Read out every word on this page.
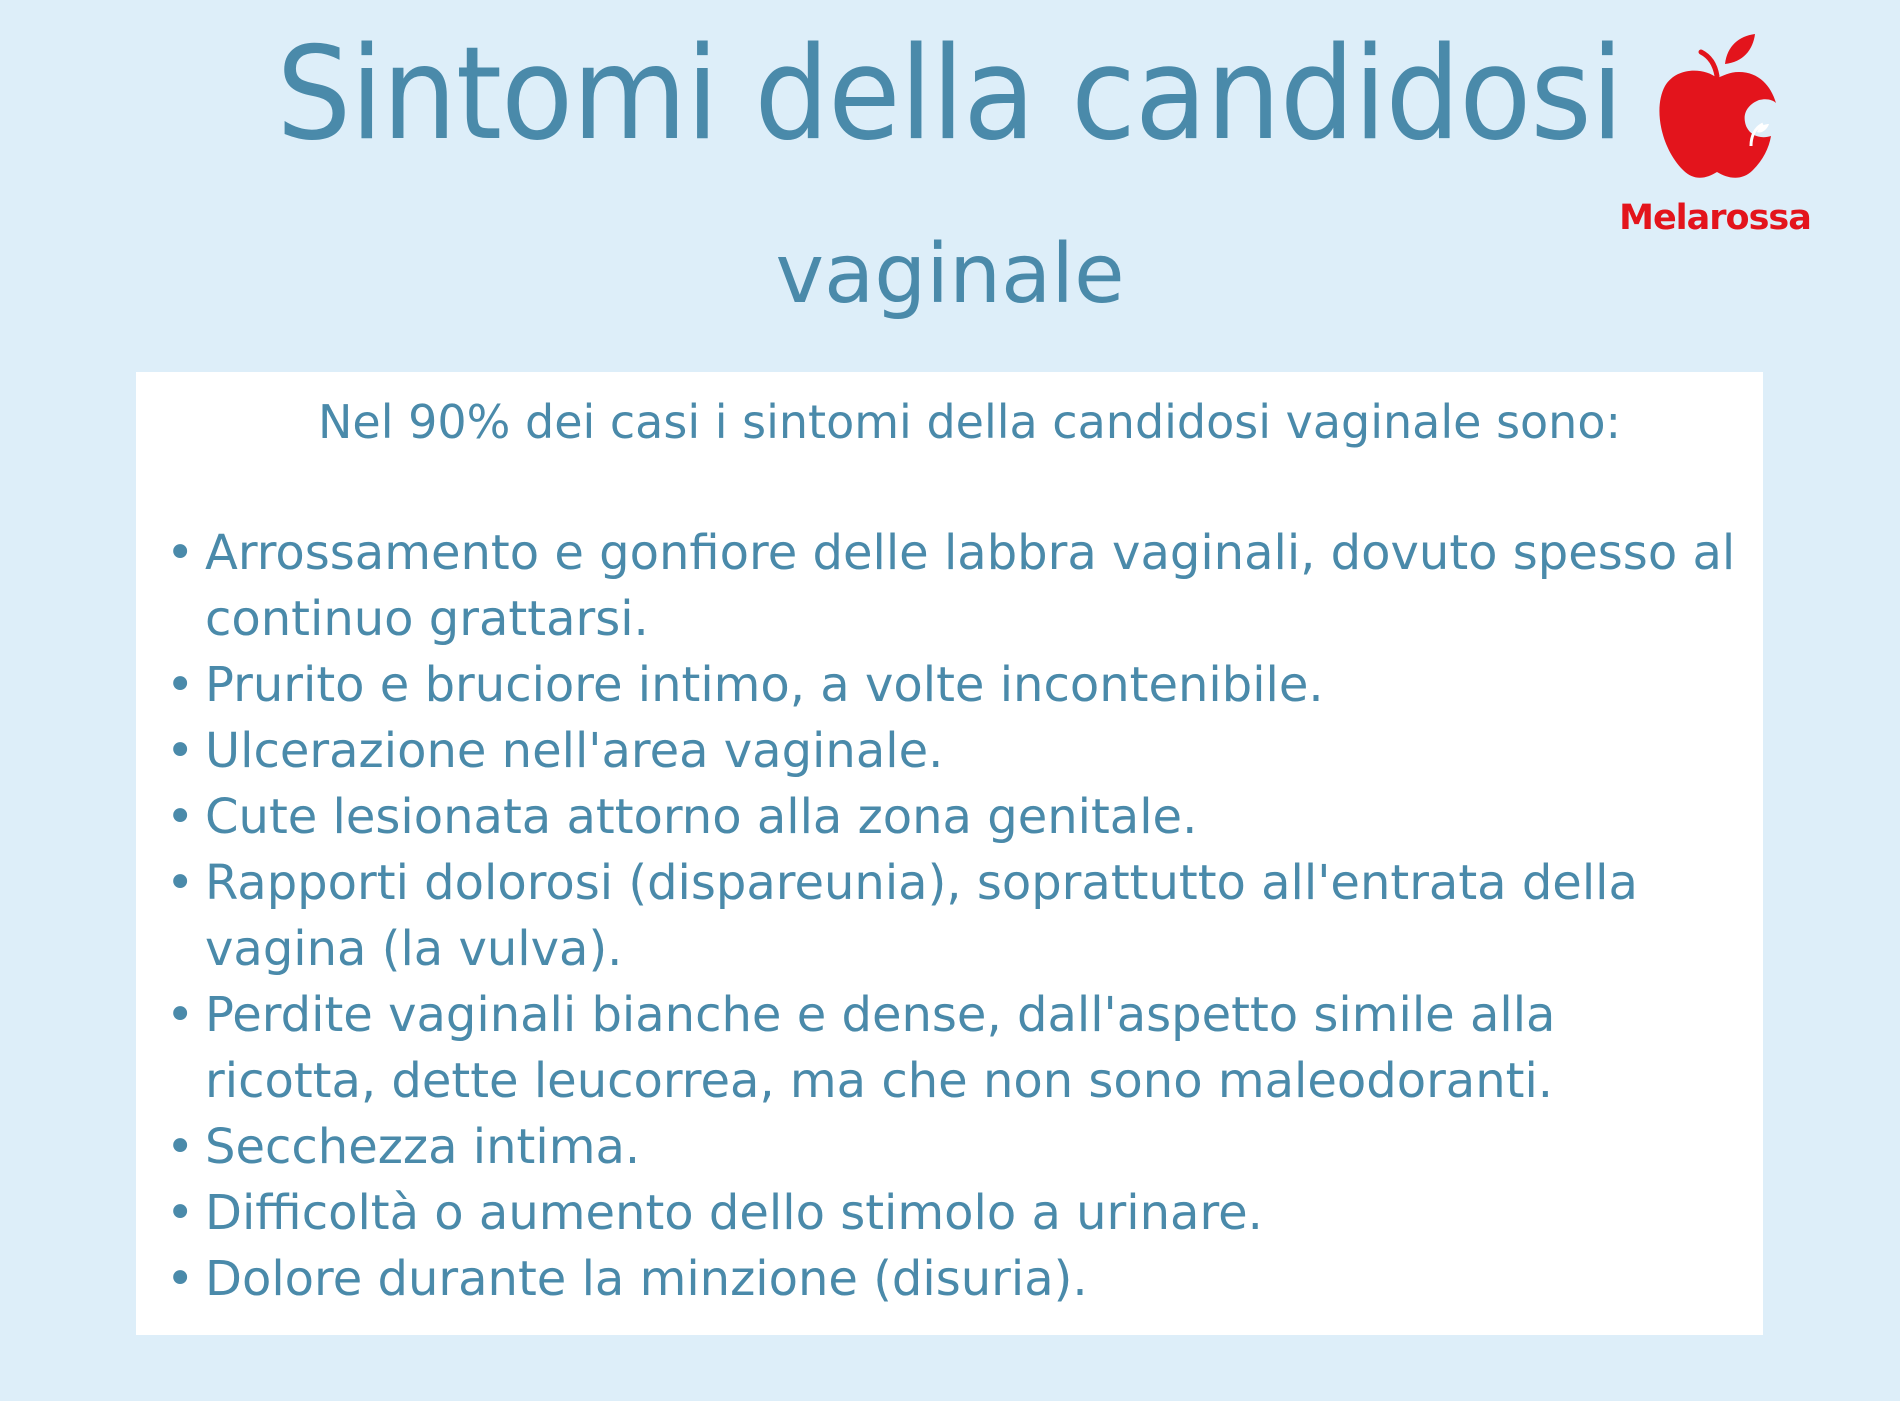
Sintomi della candidosi
vaginale
Melarossa
Nel 90% dei casi i sintomi della candidosi vaginale sono:
• Arrossamento e gonfiore delle labbra vaginali, dovuto spesso al
continuo grattarsi.
• Prurito e bruciore intimo, a volte incontenibile.
• Ulcerazione nell'area vaginale.
• Cute lesionata attorno alla zona genitale.
• Rapporti dolorosi (dispareunia), soprattutto all'entrata della
vagina (la vulva).
• Perdite vaginali bianche e dense, dall'aspetto simile alla
ricotta, dette leucorrea, ma che non sono maleodoranti.
• Secchezza intima.
• Difficoltà o aumento dello stimolo a urinare.
• Dolore durante la minzione (disuria).
